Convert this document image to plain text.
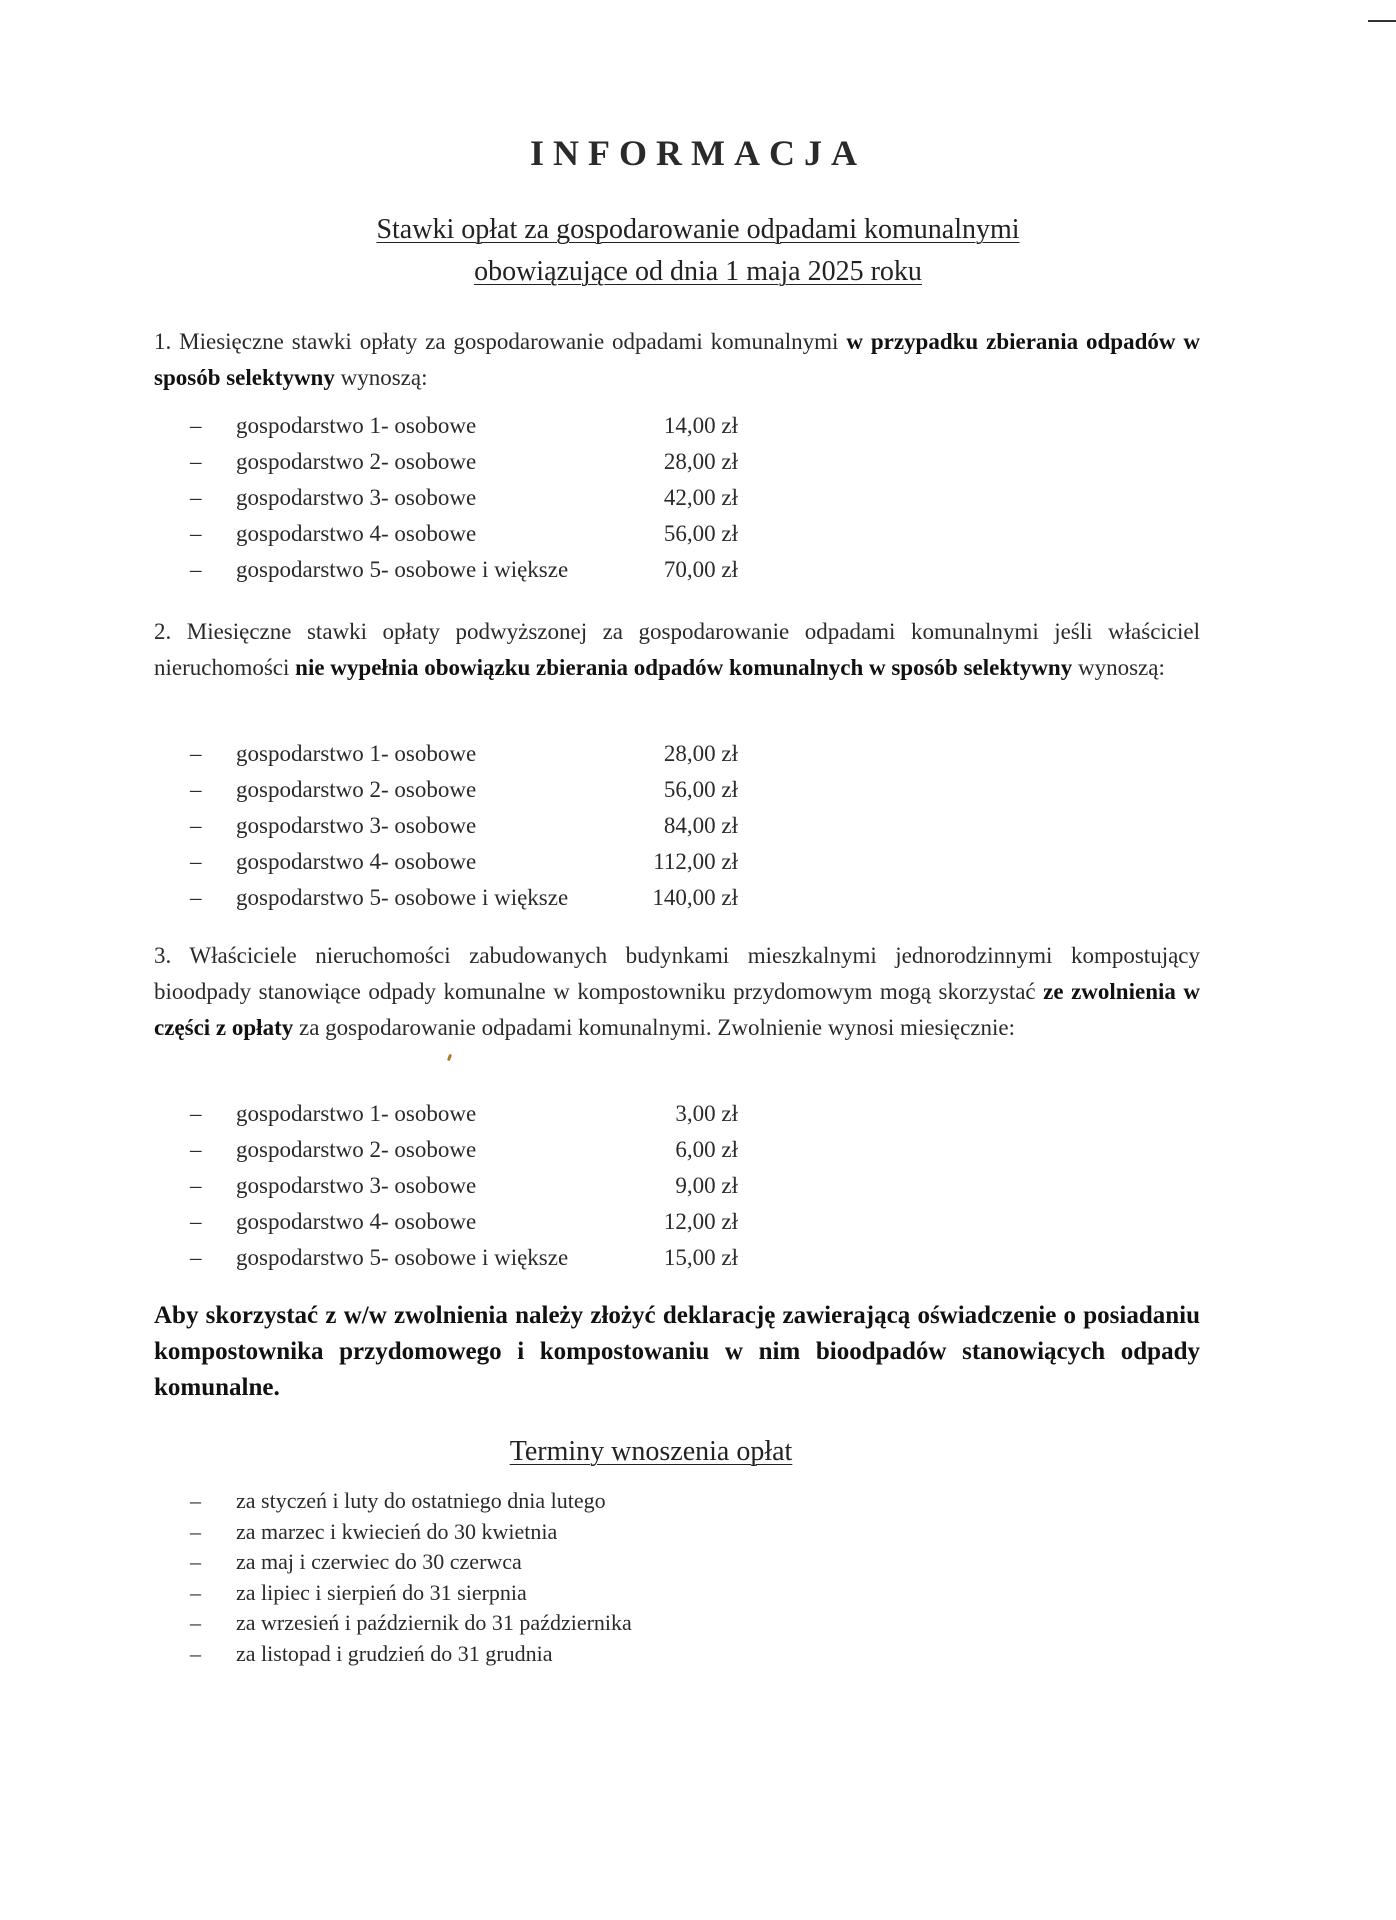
INFORMACJA
Stawki opłat za gospodarowanie odpadami komunalnymi
obowiązujące od dnia 1 maja 2025 roku
1. Miesięczne stawki opłaty za gospodarowanie odpadami komunalnymi w przypadku zbierania odpadów w sposób selektywny wynoszą:
–	gospodarstwo 1- osobowe	14,00 zł
–	gospodarstwo 2- osobowe	28,00 zł
–	gospodarstwo 3- osobowe	42,00 zł
–	gospodarstwo 4- osobowe	56,00 zł
–	gospodarstwo 5- osobowe i większe	70,00 zł
2. Miesięczne stawki opłaty podwyższonej za gospodarowanie odpadami komunalnymi jeśli właściciel nieruchomości nie wypełnia obowiązku zbierania odpadów komunalnych w sposób selektywny wynoszą:
–	gospodarstwo 1- osobowe	28,00 zł
–	gospodarstwo 2- osobowe	56,00 zł
–	gospodarstwo 3- osobowe	84,00 zł
–	gospodarstwo 4- osobowe	112,00 zł
–	gospodarstwo 5- osobowe i większe	140,00 zł
3. Właściciele nieruchomości zabudowanych budynkami mieszkalnymi jednorodzinnymi kompostujący bioodpady stanowiące odpady komunalne w kompostowniku przydomowym mogą skorzystać ze zwolnienia w części z opłaty za gospodarowanie odpadami komunalnymi. Zwolnienie wynosi miesięcznie:
–	gospodarstwo 1- osobowe	3,00 zł
–	gospodarstwo 2- osobowe	6,00 zł
–	gospodarstwo 3- osobowe	9,00 zł
–	gospodarstwo 4- osobowe	12,00 zł
–	gospodarstwo 5- osobowe i większe	15,00 zł
Aby skorzystać z w/w zwolnienia należy złożyć deklarację zawierającą oświadczenie o posiadaniu kompostownika przydomowego i kompostowaniu w nim bioodpadów stanowiących odpady komunalne.
Terminy wnoszenia opłat
– za styczeń i luty do ostatniego dnia lutego
– za marzec i kwiecień do 30 kwietnia
– za maj i czerwiec do 30 czerwca
– za lipiec i sierpień do 31 sierpnia
– za wrzesień i październik do 31 października
– za listopad i grudzień do 31 grudnia
